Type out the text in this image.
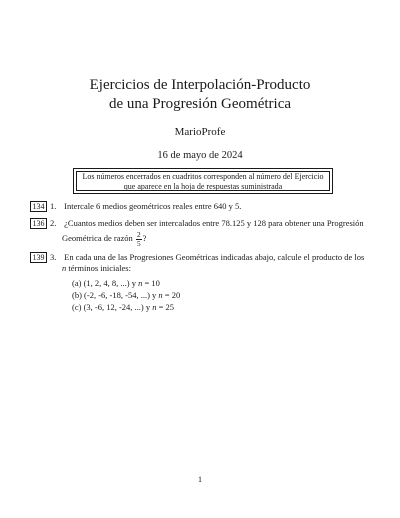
Ejercicios de Interpolación-Producto
de una Progresión Geométrica
MarioProfe
16 de mayo de 2024
Los números encerrados en cuadritos corresponden al número del Ejercicio
que aparece en la hoja de respuestas suministrada
134 1. Intercale 6 medios geométricos reales entre 640 y 5.
136 2. ¿Cuantos medios deben ser intercalados entre 78.125 y 128 para obtener una Progresión
Geométrica de razón $\frac{2}{5}$ ?
139 3. En cada una de las Progresiones Geométricas indicadas abajo, calcule el producto de los
n términos iniciales:
(a) (1, 2, 4, 8, ...) y n = 10
(b) (-2, -6, -18, -54, ...) y n = 20
(c) (3, -6, 12, -24, ...) y n = 25
1
